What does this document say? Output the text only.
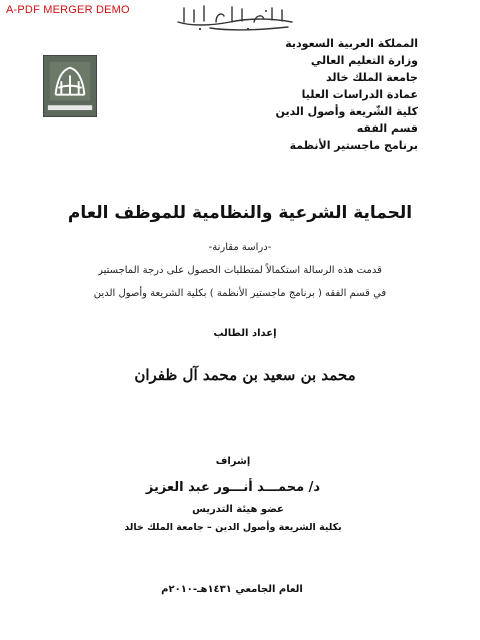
A-PDF MERGER DEMO
المملكة العربية السعودية
وزارة التعليم العالي
جامعة الملك خالد
عمادة الدراسات العليا
كلية الشّريعة وأصول الدين
قسم الفقه
برنامج ماجستير الأنظمة
الحماية الشرعية والنظامية للموظف العام
-دراسة مقارنة-
قدمت هذه الرسالة استكمالاً لمتطلبات الحصول على درجة الماجستير
في قسم الفقه ( برنامج ماجستير الأنظمة ) بكلية الشريعة وأصول الدين
إعداد الطالب
محمد بن سعيد بن محمد آل ظفران
إشراف
د/ محمـــد أنـــور عبد العزيز
عضو هيئة التدريس
بكلية الشريعة وأصول الدين – جامعة الملك خالد
العام الجامعي ١٤٣١هـ-٢٠١٠م
